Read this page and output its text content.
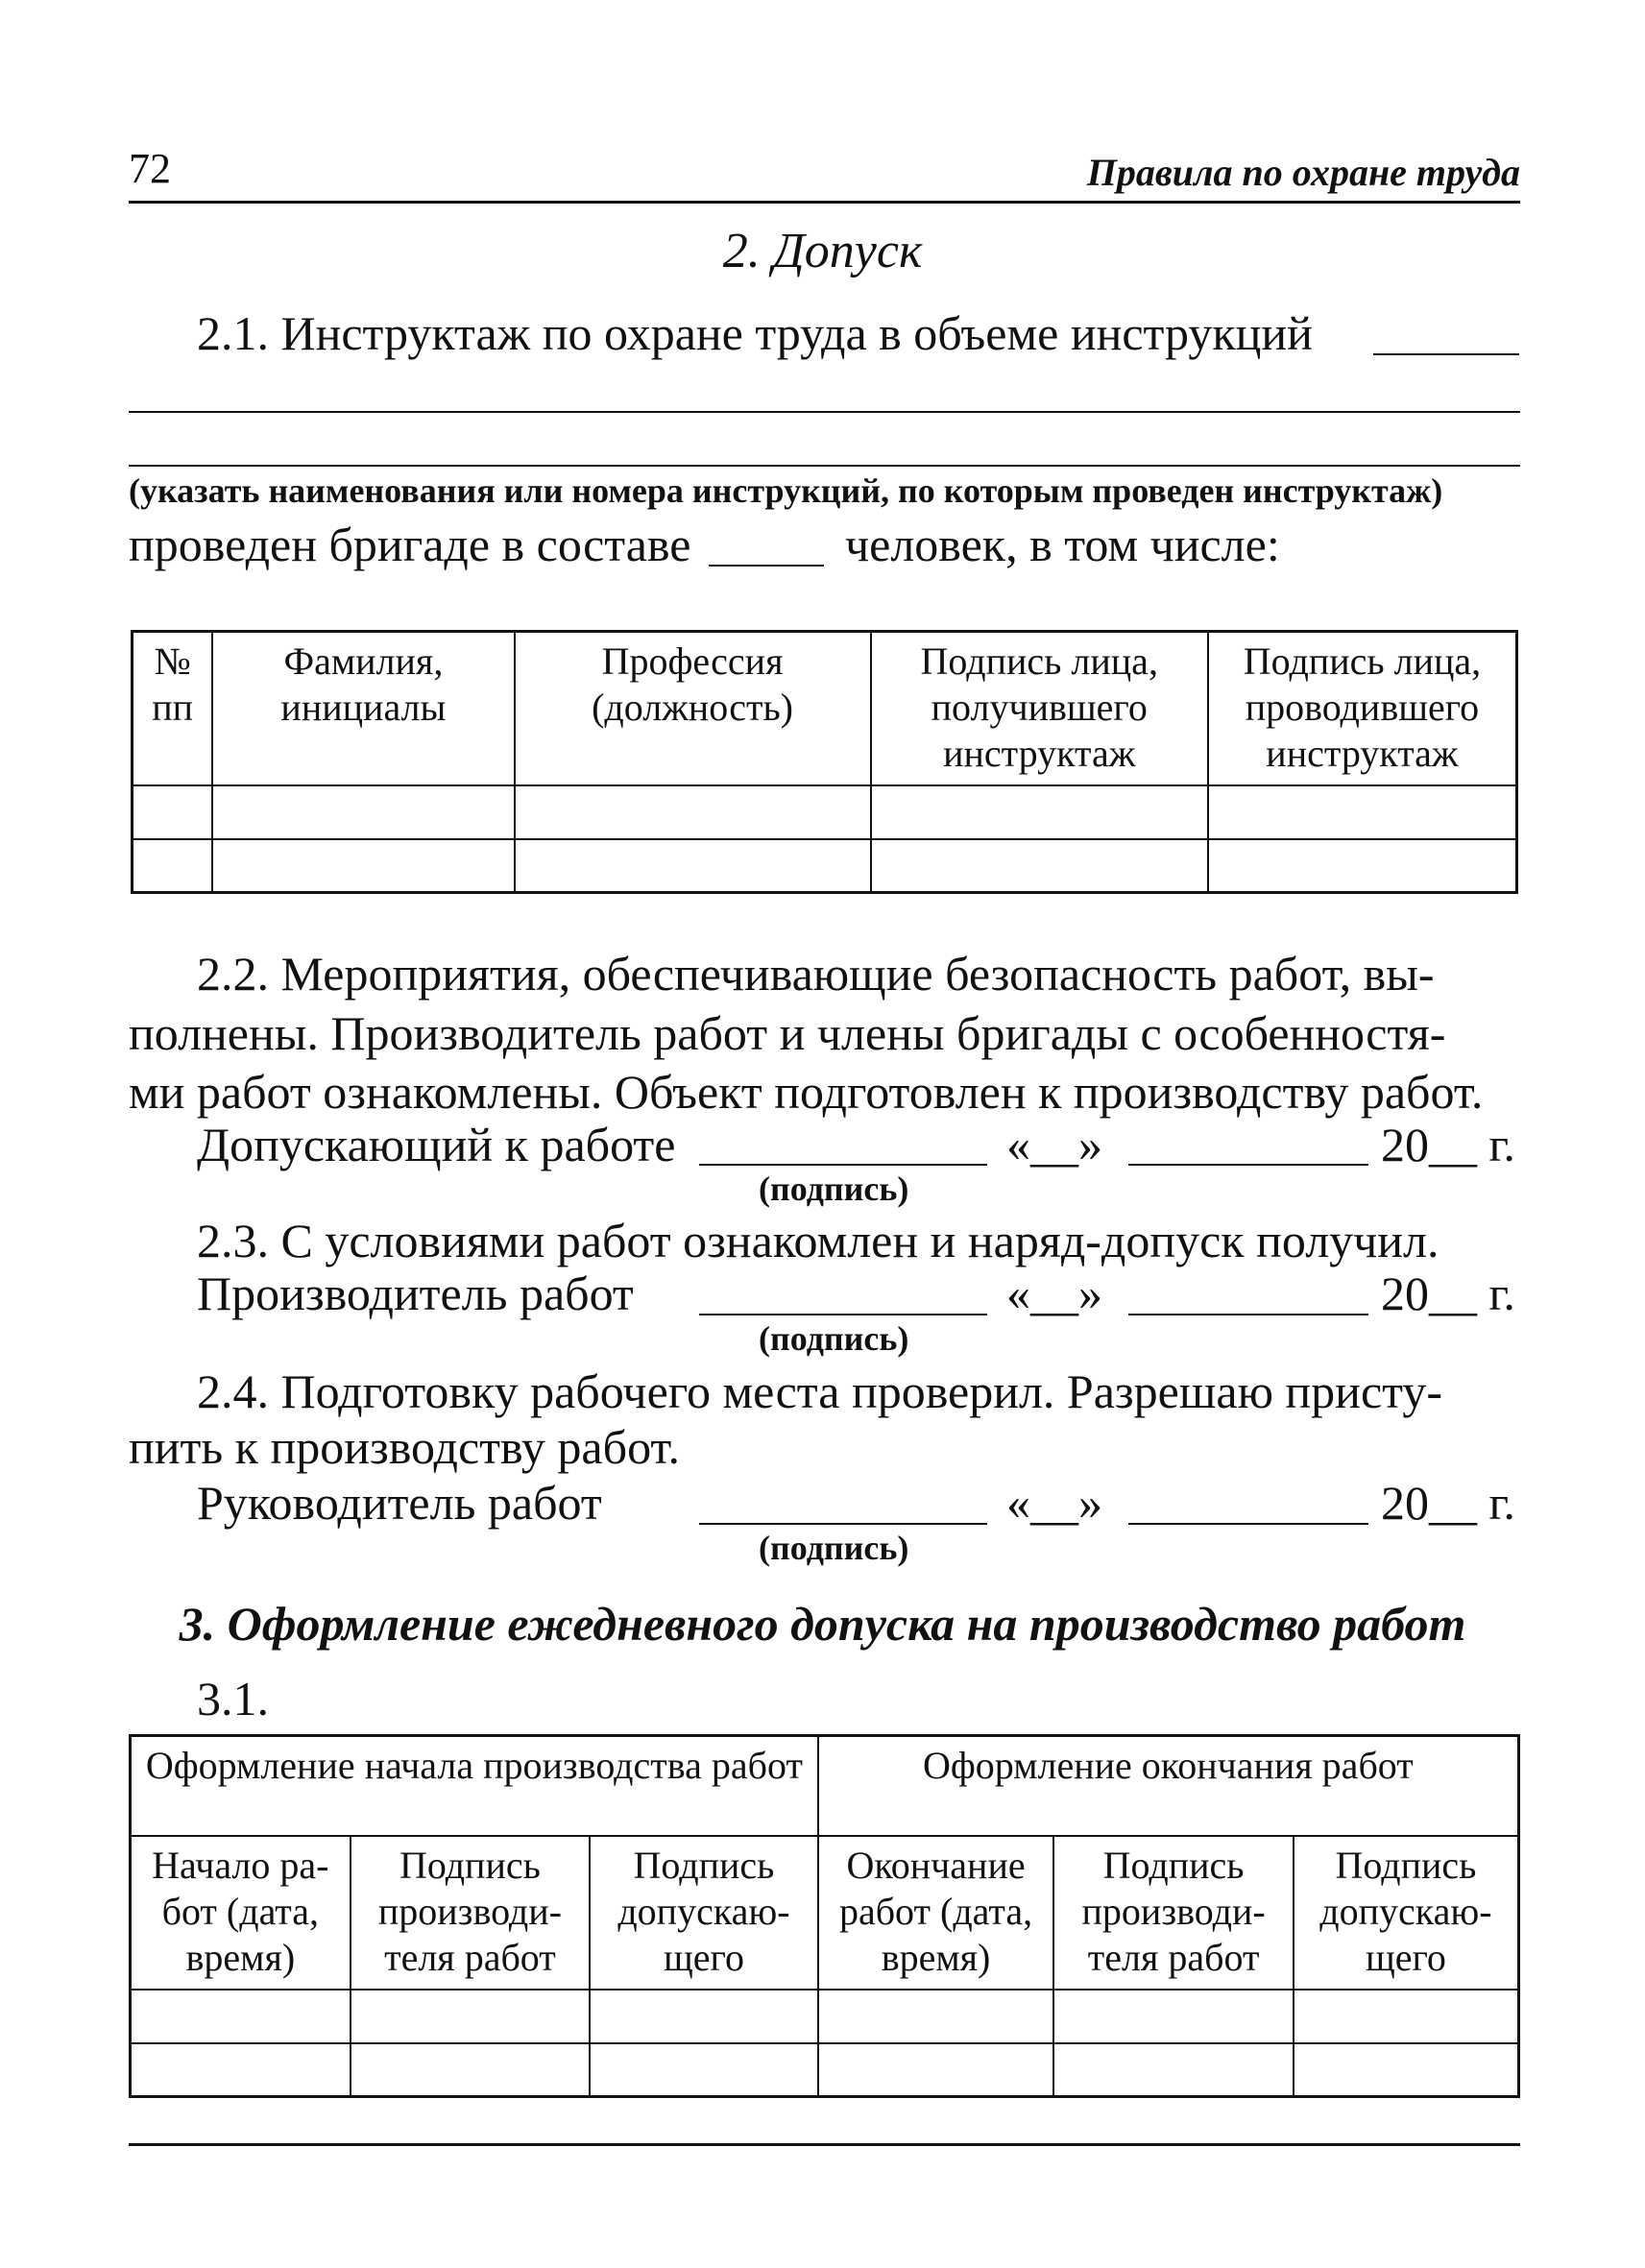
72	Правила по охране труда
2. Допуск
2.1. Инструктаж по охране труда в объеме инструкций
(указать наименования или номера инструкций, по которым проведен инструктаж)
проведен бригаде в составе	человек, в том числе:
№ пп	Фамилия, инициалы	Профессия (должность)	Подпись лица, получившего инструктаж	Подпись лица, проводившего инструктаж

2.2. Мероприятия, обеспечивающие безопасность работ, вы-
полнены. Производитель работ и члены бригады с особенностя-
ми работ ознакомлены. Объект подготовлен к производству работ.
Допускающий к работе	«__»	20__ г.
(подпись)
2.3. С условиями работ ознакомлен и наряд-допуск получил.
Производитель работ	«__»	20__ г.
(подпись)
2.4. Подготовку рабочего места проверил. Разрешаю присту-
пить к производству работ.
Руководитель работ	«__»	20__ г.
(подпись)
3. Оформление ежедневного допуска на производство работ
3.1.
Оформление начала производства работ			Оформление окончания работ		
Начало ра-бот (дата, время)	Подпись производи-теля работ	Подпись допускаю-щего	Окончание работ (дата, время)	Подпись производи-теля работ	Подпись допускаю-щего
